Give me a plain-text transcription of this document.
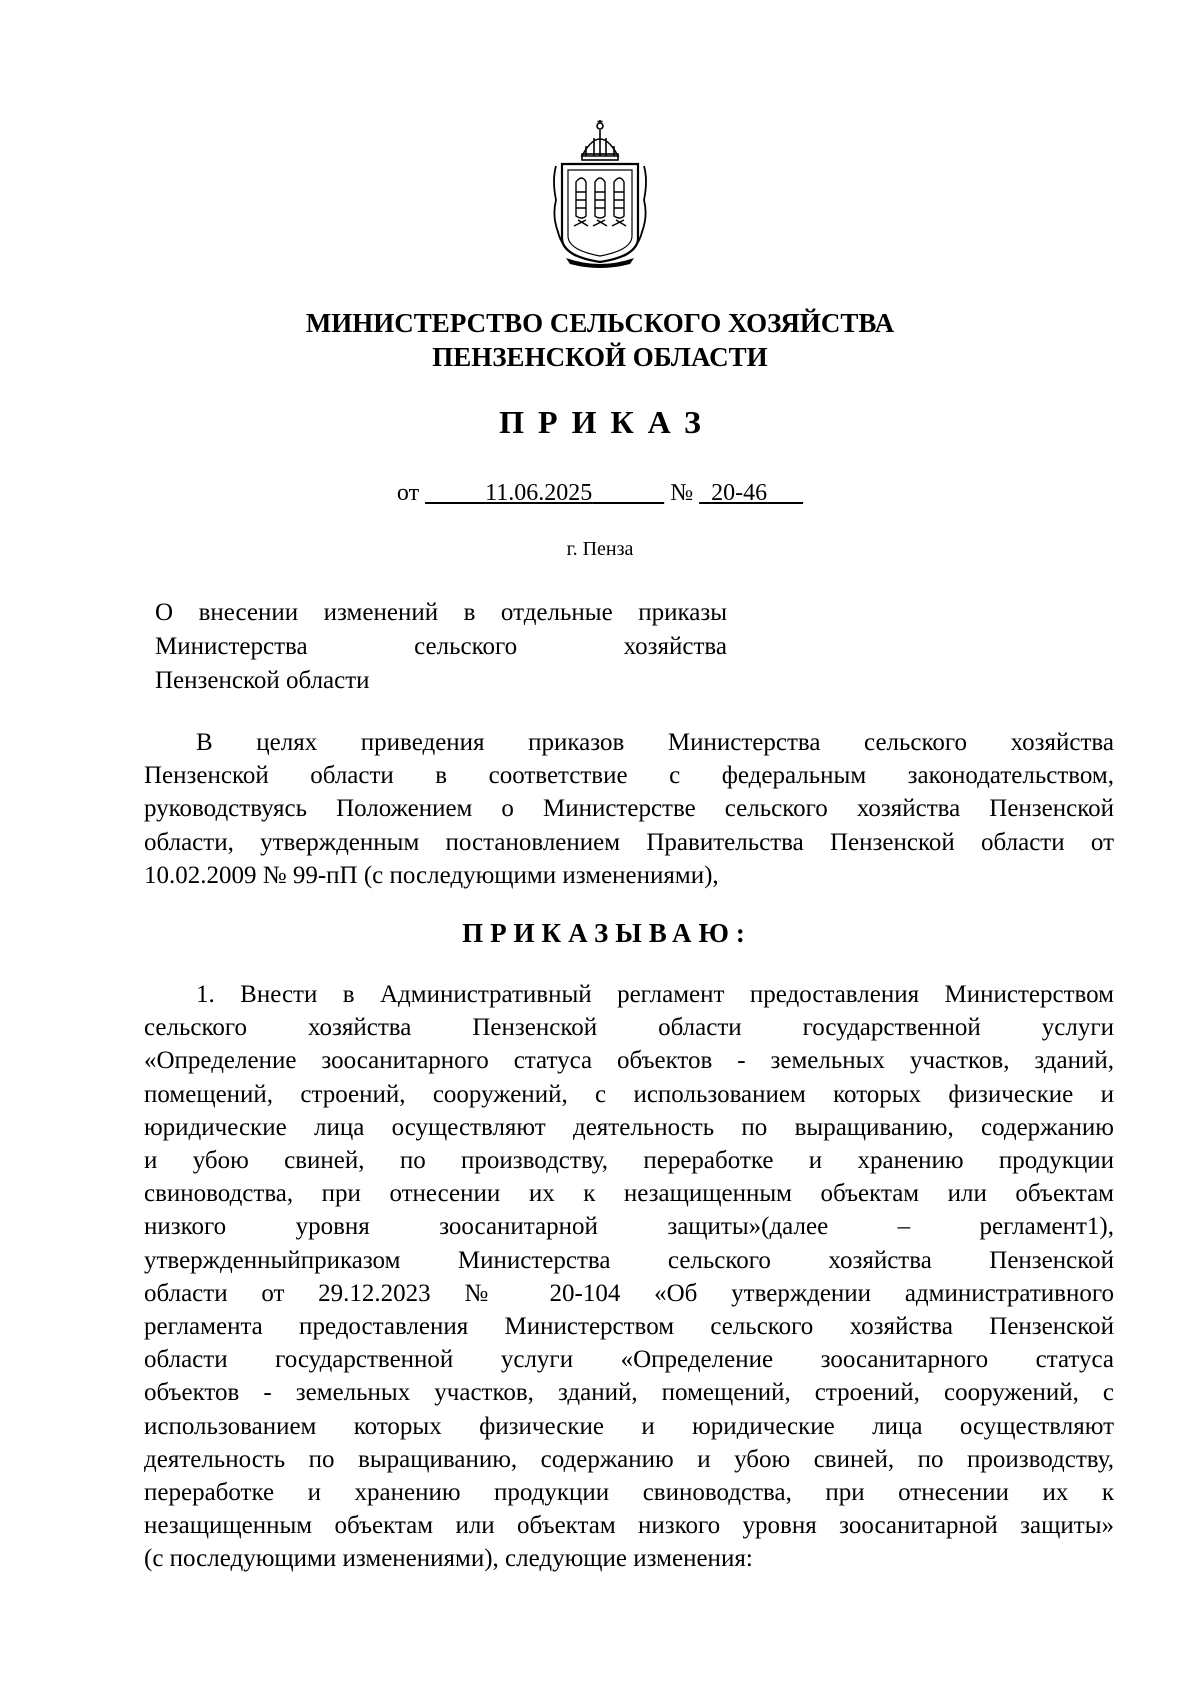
МИНИСТЕРСТВО СЕЛЬСКОГО ХОЗЯЙСТВА
ПЕНЗЕНСКОЙ ОБЛАСТИ
ПРИКАЗ
от	11.06.2025	№ 20-46
г. Пенза
О внесении изменений в отдельные приказы
Министерства сельского хозяйства
Пензенской области
В целях приведения приказов Министерства сельского хозяйства
Пензенской области в соответствие с федеральным законодательством,
руководствуясь Положением о Министерстве сельского хозяйства Пензенской
области, утвержденным постановлением Правительства Пензенской области от
10.02.2009 № 99-пП (с последующими изменениями),
ПРИКАЗЫВАЮ:
1. Внести в Административный регламент предоставления Министерством
сельского хозяйства Пензенской области государственной услуги
«Определение зоосанитарного статуса объектов - земельных участков, зданий,
помещений, строений, сооружений, с использованием которых физические и
юридические лица осуществляют деятельность по выращиванию, содержанию
и убою свиней, по производству, переработке и хранению продукции
свиноводства, при отнесении их к незащищенным объектам или объектам
низкого уровня зоосанитарной защиты»(далее – регламент1),
утвержденныйприказом Министерства сельского хозяйства Пензенской
области от 29.12.2023 № 20-104 «Об утверждении административного
регламента предоставления Министерством сельского хозяйства Пензенской
области государственной услуги «Определение зоосанитарного статуса
объектов - земельных участков, зданий, помещений, строений, сооружений, с
использованием которых физические и юридические лица осуществляют
деятельность по выращиванию, содержанию и убою свиней, по производству,
переработке и хранению продукции свиноводства, при отнесении их к
незащищенным объектам или объектам низкого уровня зоосанитарной защиты»
(с последующими изменениями), следующие изменения:
